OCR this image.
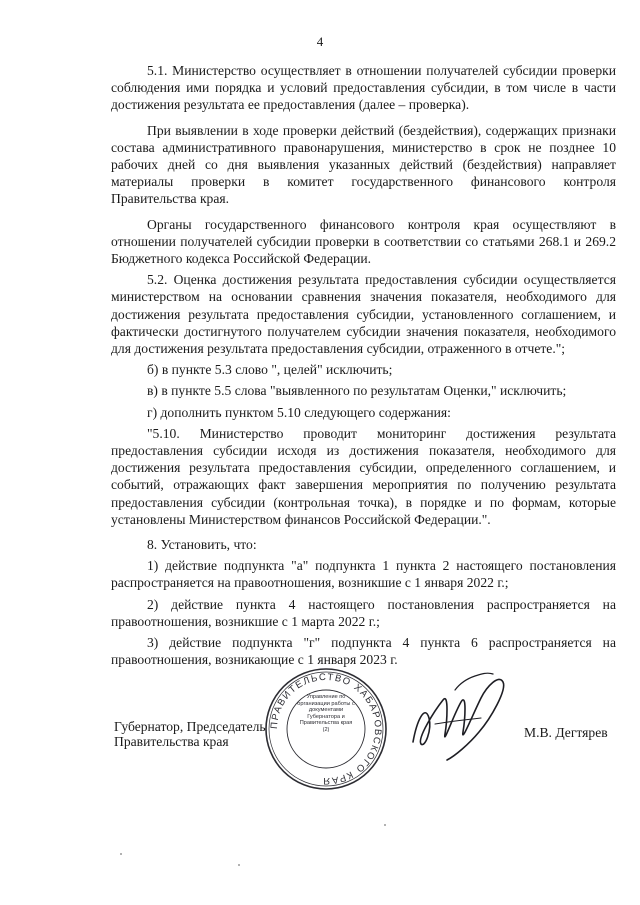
4

5.1. Министерство осуществляет в отношении получателей субсидии проверки соблюдения ими порядка и условий предоставления субсидии, в том числе в части достижения результата ее предоставления (далее – проверка).

При выявлении в ходе проверки действий (бездействия), содержащих признаки состава административного правонарушения, министерство в срок не позднее 10 рабочих дней со дня выявления указанных действий (бездействия) направляет материалы проверки в комитет государственного финансового контроля Правительства края.

Органы государственного финансового контроля края осуществляют в отношении получателей субсидии проверки в соответствии со статьями 268.1 и 269.2 Бюджетного кодекса Российской Федерации.

5.2. Оценка достижения результата предоставления субсидии осуществляется министерством на основании сравнения значения показателя, необходимого для достижения результата предоставления субсидии, установленного соглашением, и фактически достигнутого получателем субсидии значения показателя, необходимого для достижения результата предоставления субсидии, отраженного в отчете.";

б) в пункте 5.3 слово ", целей" исключить;

в) в пункте 5.5 слова "выявленного по результатам Оценки," исключить;

г) дополнить пунктом 5.10 следующего содержания:

"5.10. Министерство проводит мониторинг достижения результата предоставления субсидии исходя из достижения показателя, необходимого для достижения результата предоставления субсидии, определенного соглашением, и событий, отражающих факт завершения мероприятия по получению результата предоставления субсидии (контрольная точка), в порядке и по формам, которые установлены Министерством финансов Российской Федерации.".

8. Установить, что:

1) действие подпункта "а" подпункта 1 пункта 2 настоящего постановления распространяется на правоотношения, возникшие с 1 января 2022 г.;

2) действие пункта 4 настоящего постановления распространяется на правоотношения, возникшие с 1 марта 2022 г.;

3) действие подпункта "г" подпункта 4 пункта 6 распространяется на правоотношения, возникающие с 1 января 2023 г.

Губернатор, Председатель
Правительства края
ПРАВИТЕЛЬСТВО ХАБАРОВСКОГО КРАЯ
Управление по организации работы с документами Губернатора и Правительства края (2)	М.В. Дегтярев
